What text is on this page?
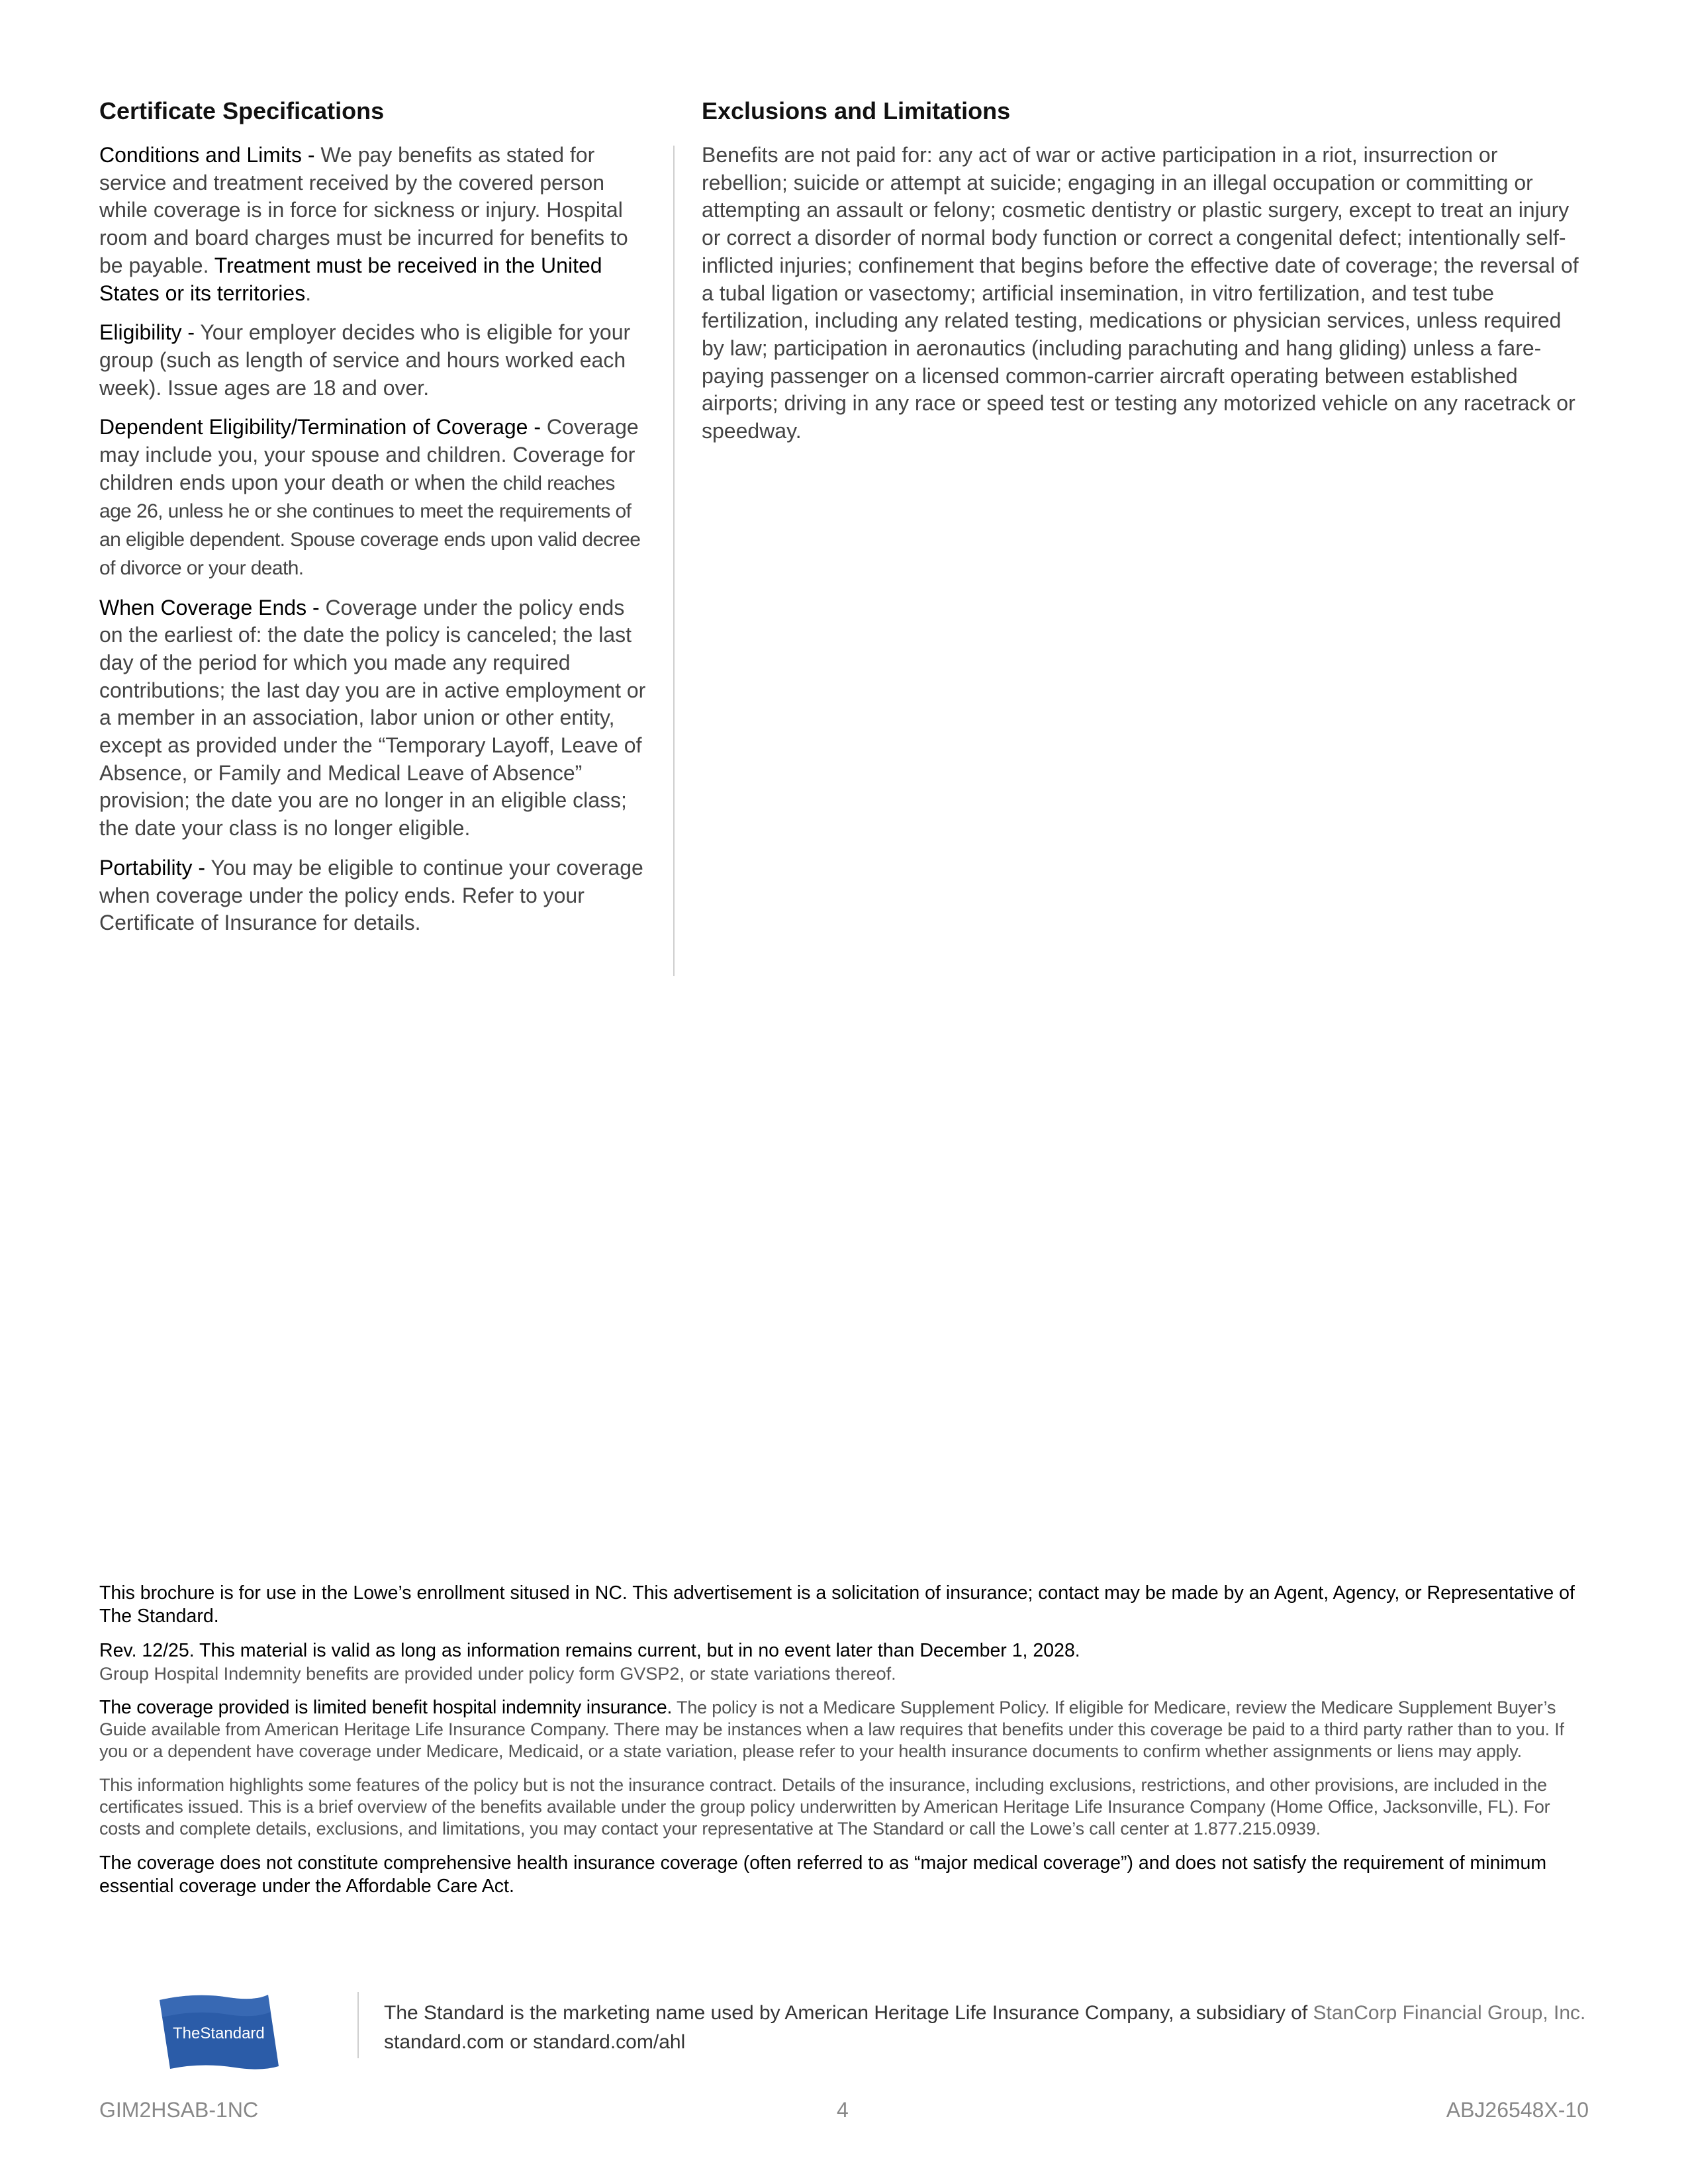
Certificate Specifications

Conditions and Limits - We pay benefits as stated for service and treatment received by the covered person while coverage is in force for sickness or injury. Hospital room and board charges must be incurred for benefits to be payable. Treatment must be received in the United States or its territories.

Eligibility - Your employer decides who is eligible for your group (such as length of service and hours worked each week). Issue ages are 18 and over.

Dependent Eligibility/Termination of Coverage - Coverage may include you, your spouse and children. Coverage for children ends upon your death or when the child reaches age 26, unless he or she continues to meet the requirements of an eligible dependent. Spouse coverage ends upon valid decree of divorce or your death.

When Coverage Ends - Coverage under the policy ends on the earliest of: the date the policy is canceled; the last day of the period for which you made any required contributions; the last day you are in active employment or a member in an association, labor union or other entity, except as provided under the “Temporary Layoff, Leave of Absence, or Family and Medical Leave of Absence” provision; the date you are no longer in an eligible class; the date your class is no longer eligible.

Portability - You may be eligible to continue your coverage when coverage under the policy ends. Refer to your Certificate of Insurance for details.

Exclusions and Limitations

Benefits are not paid for: any act of war or active participation in a riot, insurrection or rebellion; suicide or attempt at suicide; engaging in an illegal occupation or committing or attempting an assault or felony; cosmetic dentistry or plastic surgery, except to treat an injury or correct a disorder of normal body function or correct a congenital defect; intentionally self-inflicted injuries; confinement that begins before the effective date of coverage; the reversal of a tubal ligation or vasectomy; artificial insemination, in vitro fertilization, and test tube fertilization, including any related testing, medications or physician services, unless required by law; participation in aeronautics (including parachuting and hang gliding) unless a fare-paying passenger on a licensed common-carrier aircraft operating between established airports; driving in any race or speed test or testing any motorized vehicle on any racetrack or speedway.

This brochure is for use in the Lowe’s enrollment sitused in NC. This advertisement is a solicitation of insurance; contact may be made by an Agent, Agency, or Representative of The Standard.

Rev. 12/25. This material is valid as long as information remains current, but in no event later than December 1, 2028.
Group Hospital Indemnity benefits are provided under policy form GVSP2, or state variations thereof.

The coverage provided is limited benefit hospital indemnity insurance. The policy is not a Medicare Supplement Policy. If eligible for Medicare, review the Medicare Supplement Buyer’s Guide available from American Heritage Life Insurance Company. There may be instances when a law requires that benefits under this coverage be paid to a third party rather than to you. If you or a dependent have coverage under Medicare, Medicaid, or a state variation, please refer to your health insurance documents to confirm whether assignments or liens may apply.

This information highlights some features of the policy but is not the insurance contract. Details of the insurance, including exclusions, restrictions, and other provisions, are included in the certificates issued. This is a brief overview of the benefits available under the group policy underwritten by American Heritage Life Insurance Company (Home Office, Jacksonville, FL). For costs and complete details, exclusions, and limitations, you may contact your representative at The Standard or call the Lowe’s call center at 1.877.215.0939.

The coverage does not constitute comprehensive health insurance coverage (often referred to as “major medical coverage”) and does not satisfy the requirement of minimum essential coverage under the Affordable Care Act.

TheStandard
The Standard is the marketing name used by American Heritage Life Insurance Company, a subsidiary of StanCorp Financial Group, Inc.
standard.com or standard.com/ahl
GIM2HSAB-1NC	4	ABJ26548X-10
